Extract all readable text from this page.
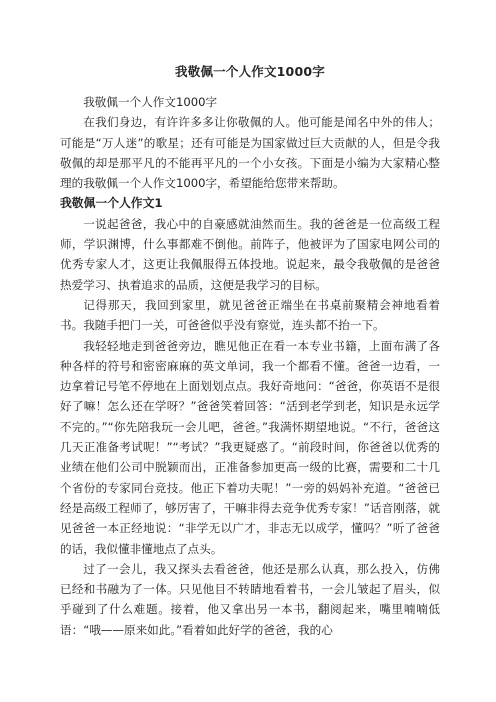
我敬佩一个人作文1000字

我敬佩一个人作文1000字

在我们身边，有许许多多让你敬佩的人。他可能是闻名中外的伟人；可能是“万人迷”的歌星；还有可能是为国家做过巨大贡献的人，但是令我敬佩的却是那平凡的不能再平凡的一个小女孩。下面是小编为大家精心整理的我敬佩一个人作文1000字，希望能给您带来帮助。

我敬佩一个人作文1

一说起爸爸，我心中的自豪感就油然而生。我的爸爸是一位高级工程师，学识渊博，什么事都难不倒他。前阵子，他被评为了国家电网公司的优秀专家人才，这更让我佩服得五体投地。说起来，最令我敬佩的是爸爸热爱学习、执着追求的品质，这便是我学习的目标。

记得那天，我回到家里，就见爸爸正端坐在书桌前聚精会神地看着书。我随手把门一关，可爸爸似乎没有察觉，连头都不抬一下。

我轻轻地走到爸爸旁边，瞧见他正在看一本专业书籍，上面布满了各种各样的符号和密密麻麻的英文单词，我一个都看不懂。爸爸一边看，一边拿着记号笔不停地在上面划划点点。我好奇地问：“爸爸，你英语不是很好了嘛！怎么还在学呀？”爸爸笑着回答：“活到老学到老，知识是永远学不完的。”“你先陪我玩一会儿吧，爸爸。”我满怀期望地说。“不行，爸爸这几天正准备考试呢！”“考试？”我更疑惑了。“前段时间，你爸爸以优秀的业绩在他们公司中脱颖而出，正准备参加更高一级的比赛，需要和二十几个省份的专家同台竞技。他正下着功夫呢！”一旁的妈妈补充道。“爸爸已经是高级工程师了，够厉害了，干嘛非得去竞争优秀专家！”话音刚落，就见爸爸一本正经地说：“非学无以广才，非志无以成学，懂吗？”听了爸爸的话，我似懂非懂地点了点头。

过了一会儿，我又探头去看爸爸，他还是那么认真，那么投入，仿佛已经和书融为了一体。只见他目不转睛地看着书，一会儿皱起了眉头，似乎碰到了什么难题。接着，他又拿出另一本书，翻阅起来，嘴里喃喃低语：“哦——原来如此。”看着如此好学的爸爸，我的心
